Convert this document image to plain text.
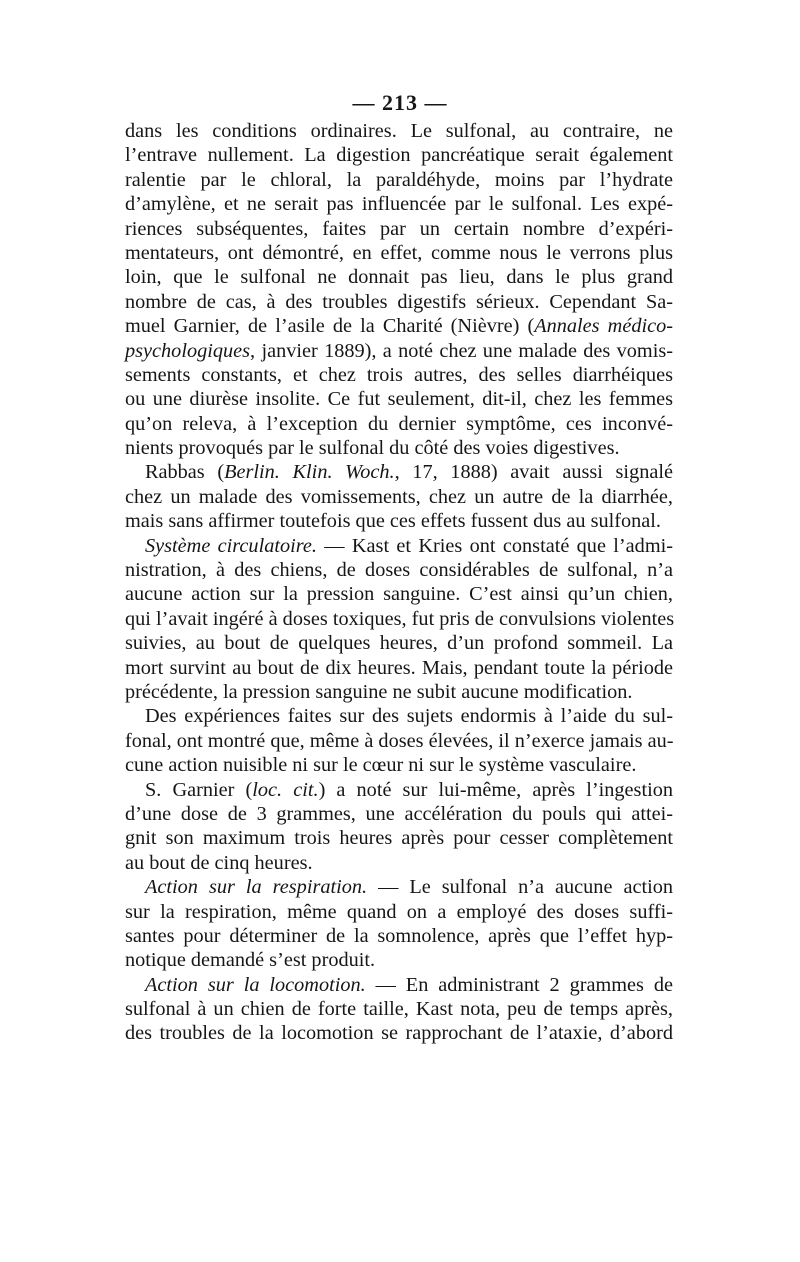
— 213 —
dans les conditions ordinaires. Le sulfonal, au contraire, ne
l’entrave nullement. La digestion pancréatique serait également
ralentie par le chloral, la paraldéhyde, moins par l’hydrate
d’amylène, et ne serait pas influencée par le sulfonal. Les expé-
riences subséquentes, faites par un certain nombre d’expéri-
mentateurs, ont démontré, en effet, comme nous le verrons plus
loin, que le sulfonal ne donnait pas lieu, dans le plus grand
nombre de cas, à des troubles digestifs sérieux. Cependant Sa-
muel Garnier, de l’asile de la Charité (Nièvre) (Annales médico-
psychologiques, janvier 1889), a noté chez une malade des vomis-
sements constants, et chez trois autres, des selles diarrhéiques
ou une diurèse insolite. Ce fut seulement, dit-il, chez les femmes
qu’on releva, à l’exception du dernier symptôme, ces inconvé-
nients provoqués par le sulfonal du côté des voies digestives.
Rabbas (Berlin. Klin. Woch., 17, 1888) avait aussi signalé
chez un malade des vomissements, chez un autre de la diarrhée,
mais sans affirmer toutefois que ces effets fussent dus au sulfonal.
Système circulatoire. — Kast et Kries ont constaté que l’admi-
nistration, à des chiens, de doses considérables de sulfonal, n’a
aucune action sur la pression sanguine. C’est ainsi qu’un chien,
qui l’avait ingéré à doses toxiques, fut pris de convulsions violentes
suivies, au bout de quelques heures, d’un profond sommeil. La
mort survint au bout de dix heures. Mais, pendant toute la période
précédente, la pression sanguine ne subit aucune modification.
Des expériences faites sur des sujets endormis à l’aide du sul-
fonal, ont montré que, même à doses élevées, il n’exerce jamais au-
cune action nuisible ni sur le cœur ni sur le système vasculaire.
S. Garnier (loc. cit.) a noté sur lui-même, après l’ingestion
d’une dose de 3 grammes, une accélération du pouls qui attei-
gnit son maximum trois heures après pour cesser complètement
au bout de cinq heures.
Action sur la respiration. — Le sulfonal n’a aucune action
sur la respiration, même quand on a employé des doses suffi-
santes pour déterminer de la somnolence, après que l’effet hyp-
notique demandé s’est produit.
Action sur la locomotion. — En administrant 2 grammes de
sulfonal à un chien de forte taille, Kast nota, peu de temps après,
des troubles de la locomotion se rapprochant de l’ataxie, d’abord
